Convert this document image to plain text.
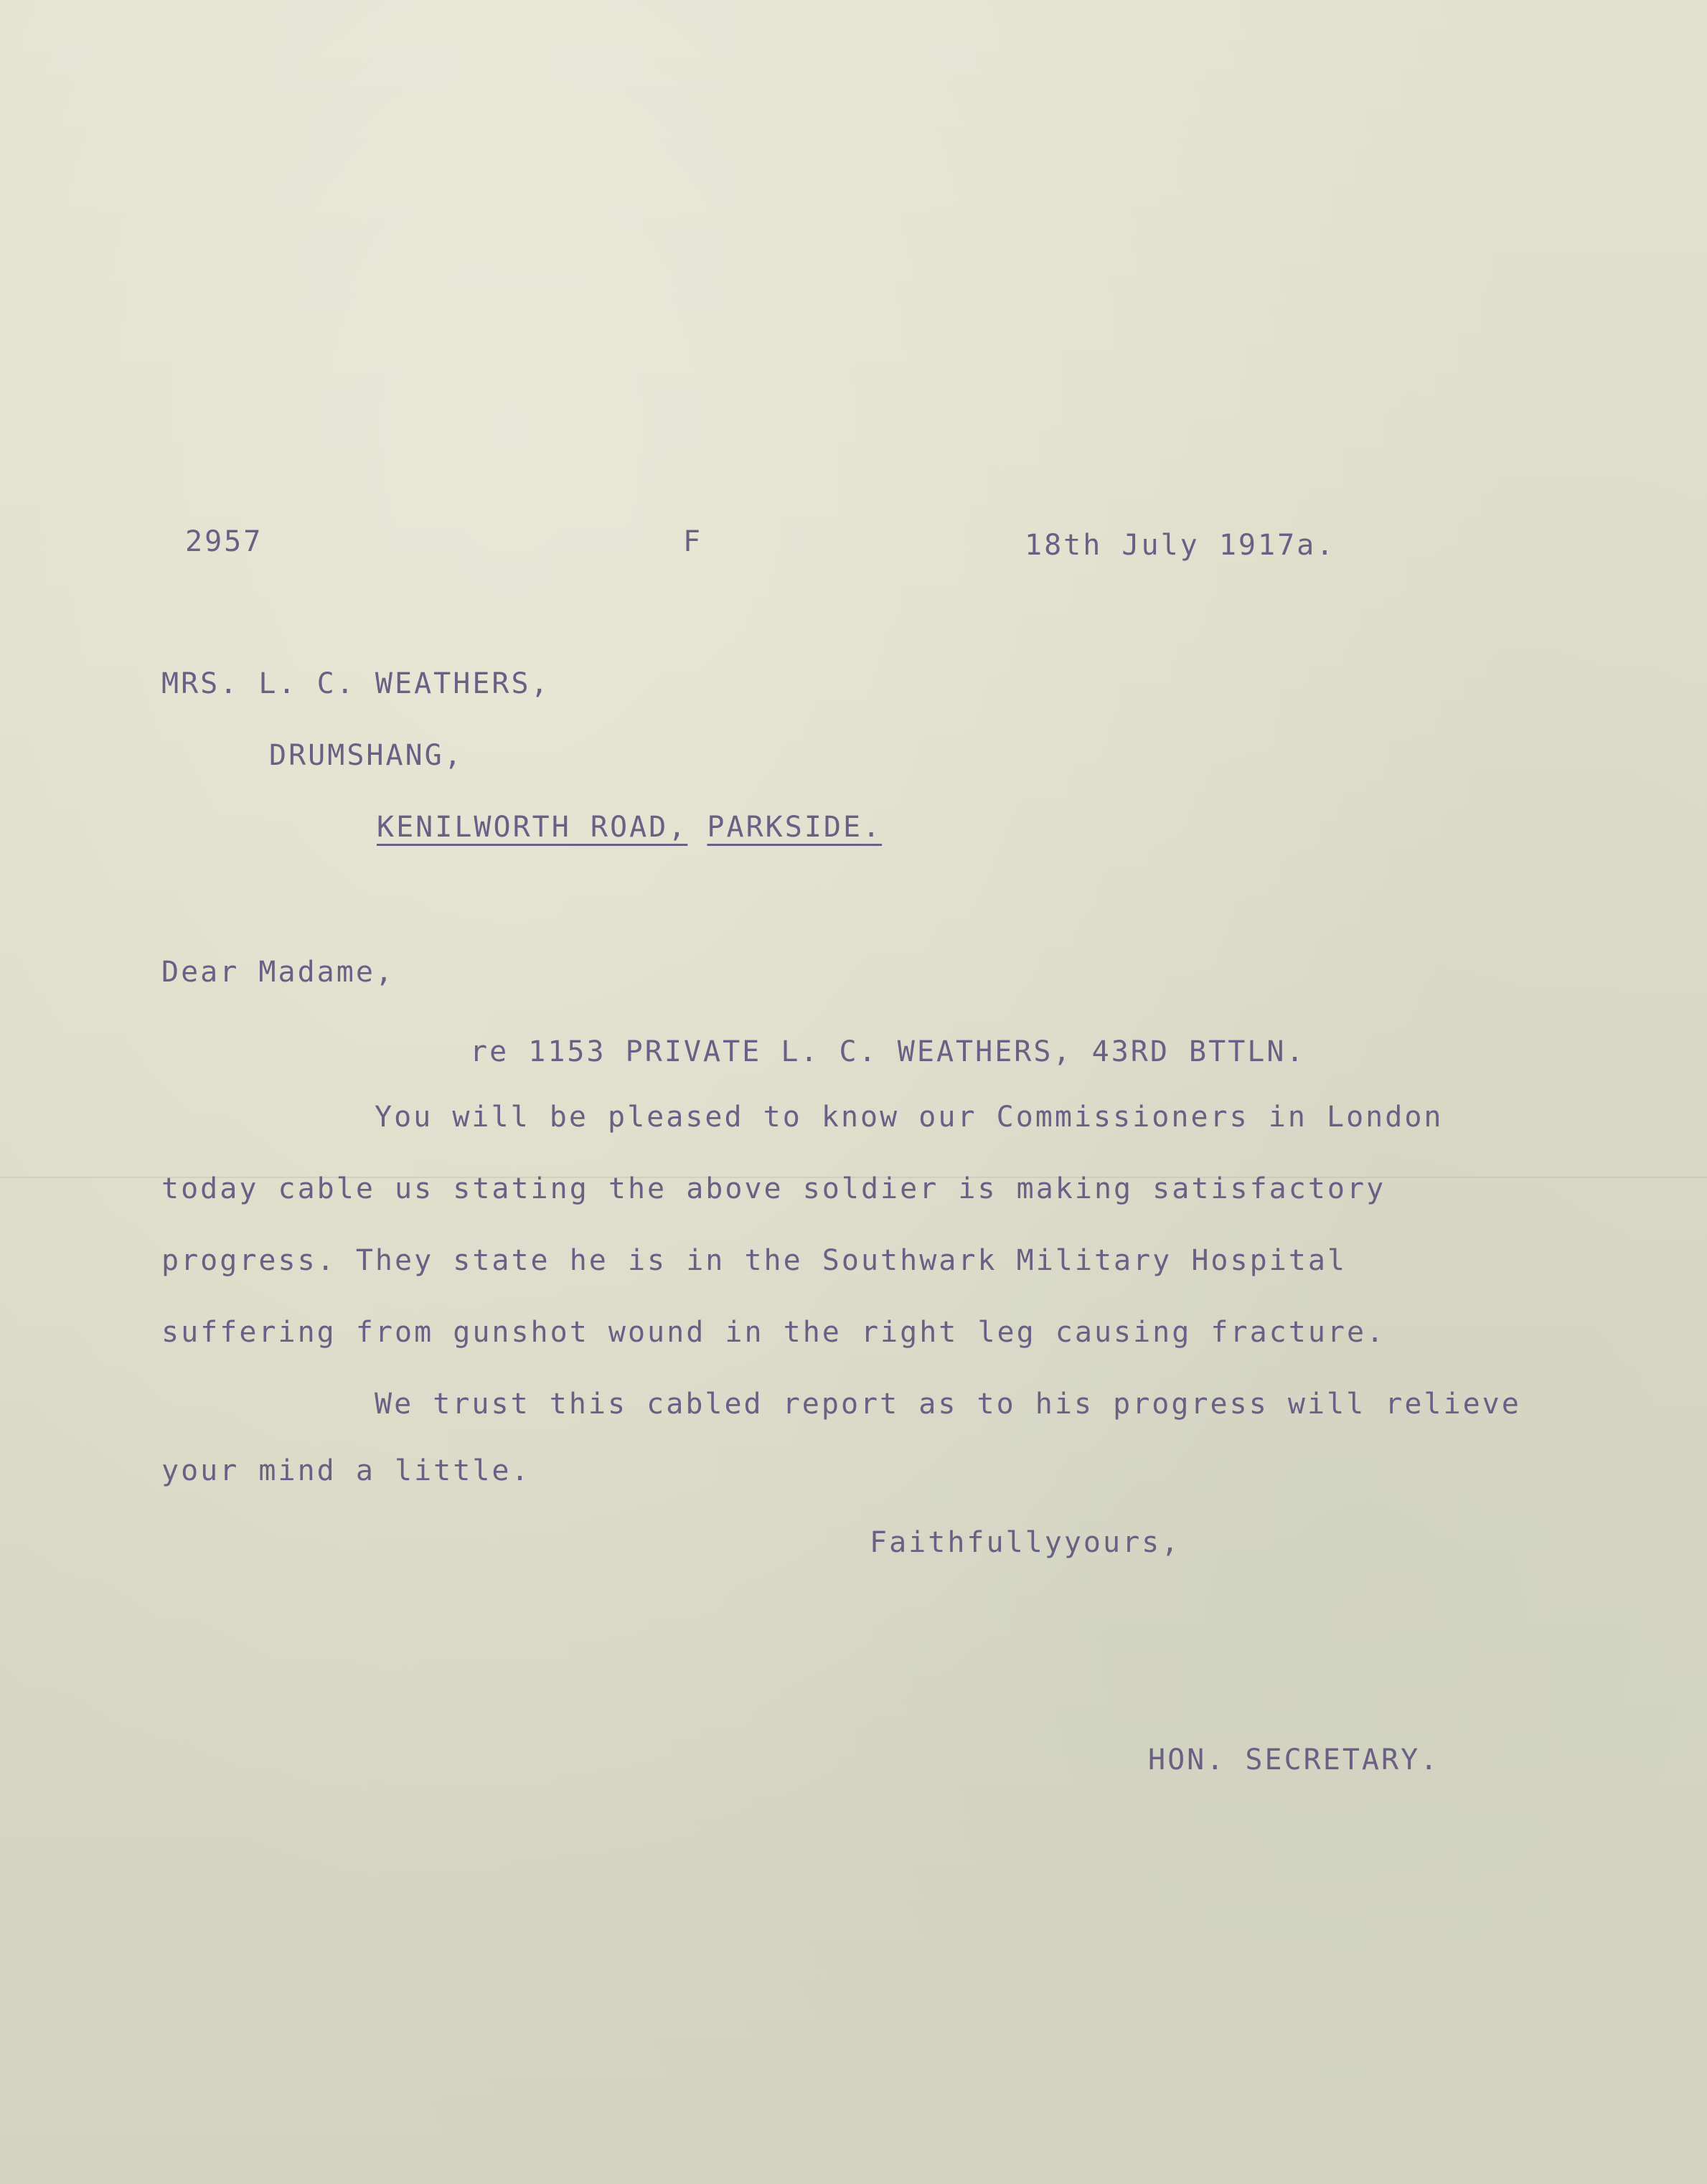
2957	F	18th July 1917a.
MRS. L. C. WEATHERS,
DRUMSHANG,
KENILWORTH ROAD, PARKSIDE.
Dear Madame,
re 1153 PRIVATE L. C. WEATHERS, 43RD BTTLN.
You will be pleased to know our Commissioners in London
today cable us stating the above soldier is making satisfactory
progress. They state he is in the Southwark Military Hospital
suffering from gunshot wound in the right leg causing fracture.
We trust this cabled report as to his progress will relieve
your mind a little.
Faithfullyyours,
HON. SECRETARY.
